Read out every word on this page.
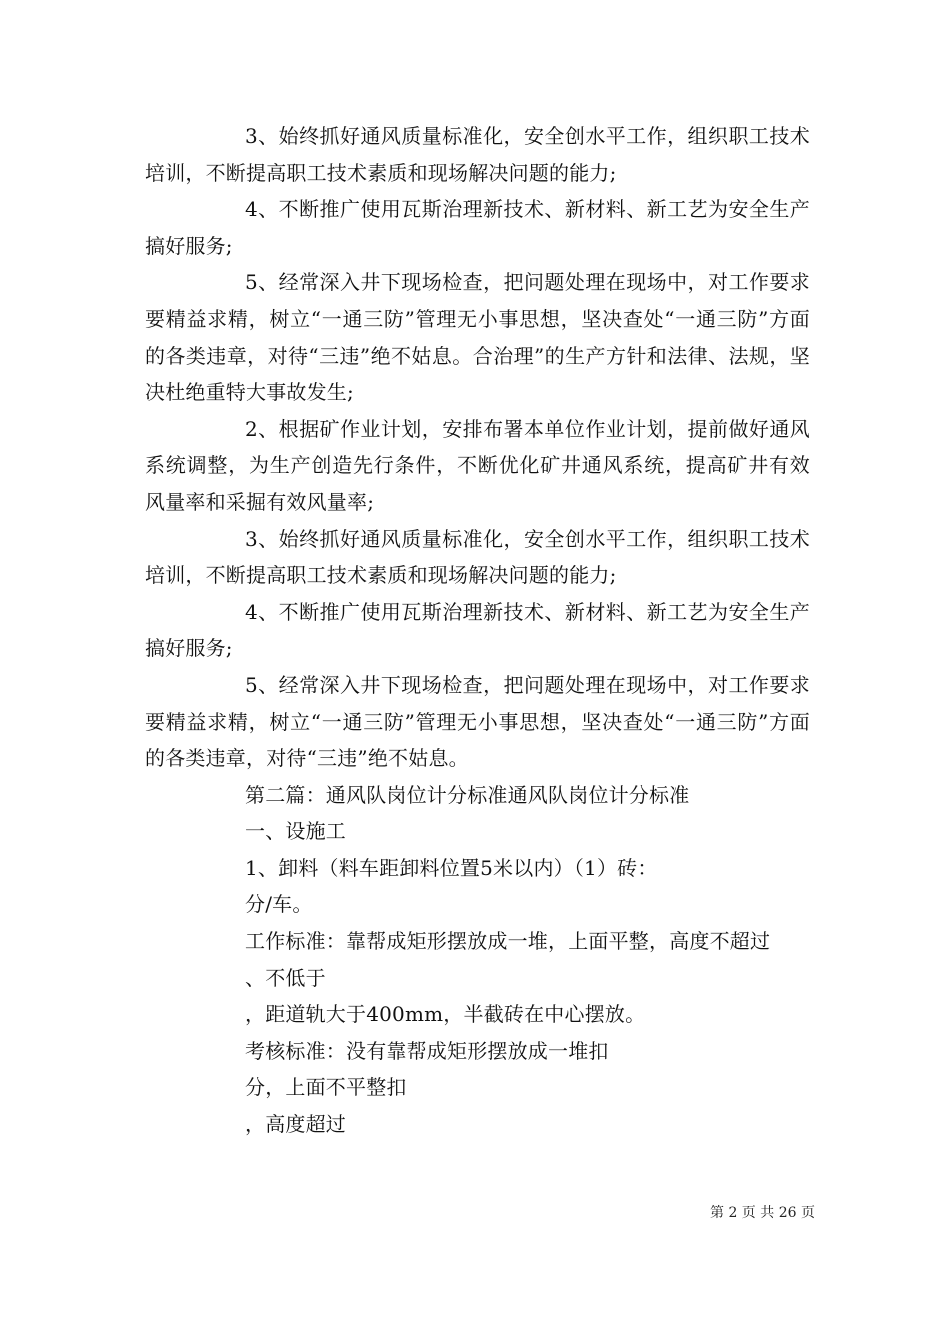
3、始终抓好通风质量标准化，安全创水平工作，组织职工技术培训，不断提高职工技术素质和现场解决问题的能力;

4、不断推广使用瓦斯治理新技术、新材料、新工艺为安全生产搞好服务;

5、经常深入井下现场检查，把问题处理在现场中，对工作要求要精益求精，树立“一通三防”管理无小事思想，坚决查处“一通三防”方面的各类违章，对待“三违”绝不姑息。合治理”的生产方针和法律、法规，坚决杜绝重特大事故发生;

2、根据矿作业计划，安排布署本单位作业计划，提前做好通风系统调整，为生产创造先行条件，不断优化矿井通风系统，提高矿井有效风量率和采掘有效风量率;

3、始终抓好通风质量标准化，安全创水平工作，组织职工技术培训，不断提高职工技术素质和现场解决问题的能力;

4、不断推广使用瓦斯治理新技术、新材料、新工艺为安全生产搞好服务;

5、经常深入井下现场检查，把问题处理在现场中，对工作要求要精益求精，树立“一通三防”管理无小事思想，坚决查处“一通三防”方面的各类违章，对待“三违”绝不姑息。

第二篇：通风队岗位计分标准通风队岗位计分标准

一、设施工

1、卸料（料车距卸料位置5米以内）（1）砖：

分/车。

工作标准：靠帮成矩形摆放成一堆，上面平整，高度不超过

、不低于

，距道轨大于400mm，半截砖在中心摆放。

考核标准：没有靠帮成矩形摆放成一堆扣

分，上面不平整扣

，高度超过

第 2 页 共 26 页
